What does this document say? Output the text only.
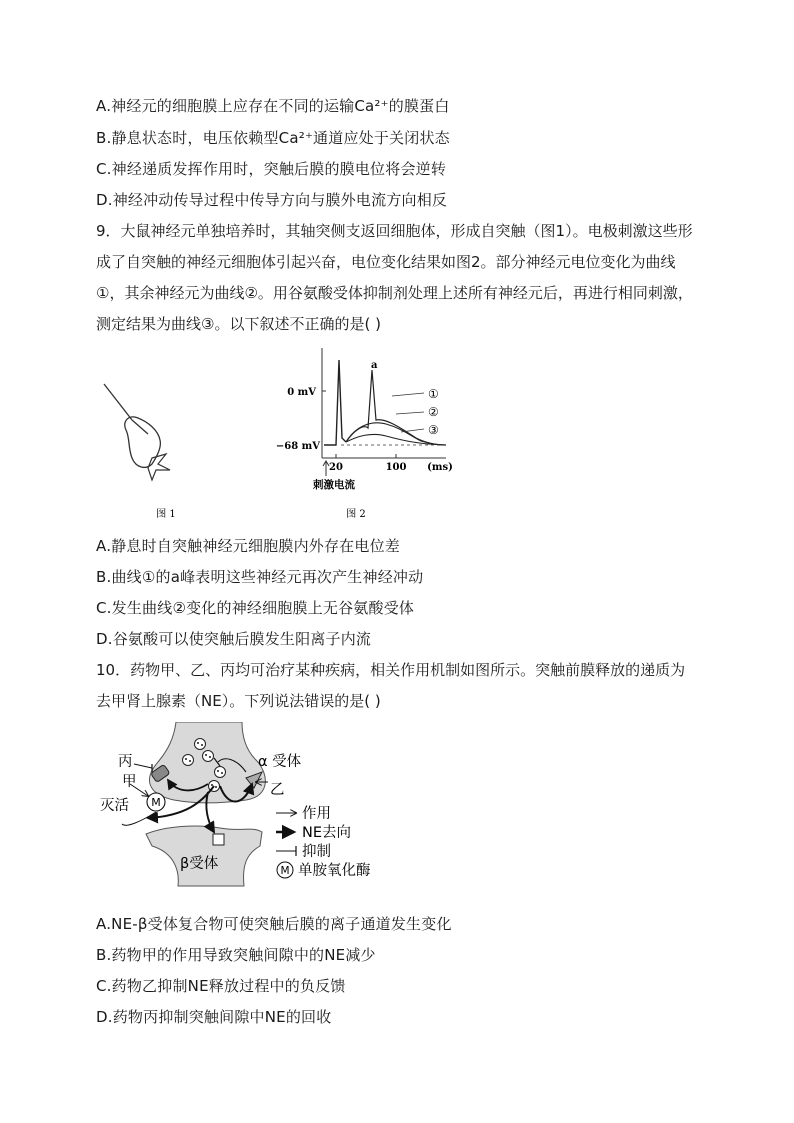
A.神经元的细胞膜上应存在不同的运输Ca²⁺的膜蛋白
B.静息状态时，电压依赖型Ca²⁺通道应处于关闭状态
C.神经递质发挥作用时，突触后膜的膜电位将会逆转
D.神经冲动传导过程中传导方向与膜外电流方向相反
9．大鼠神经元单独培养时，其轴突侧支返回细胞体，形成自突触（图1）。电极刺激这些形成了自突触的神经元细胞体引起兴奋，电位变化结果如图2。部分神经元电位变化为曲线①，其余神经元为曲线②。用谷氨酸受体抑制剂处理上述所有神经元后，再进行相同刺激，测定结果为曲线③。以下叙述不正确的是( )
图 1
0 mV
−68 mV
a
①
②
③
20	100 (ms)
刺激电流
图 2
A.静息时自突触神经元细胞膜内外存在电位差
B.曲线①的a峰表明这些神经元再次产生神经冲动
C.发生曲线②变化的神经细胞膜上无谷氨酸受体
D.谷氨酸可以使突触后膜发生阳离子内流
10．药物甲、乙、丙均可治疗某种疾病，相关作用机制如图所示。突触前膜释放的递质为去甲肾上腺素（NE）。下列说法错误的是( )
丙
甲
灭活 M
α 受体
乙
β受体	M
作用
NE去向
抑制
单胺氧化酶
A.NE-β受体复合物可使突触后膜的离子通道发生变化
B.药物甲的作用导致突触间隙中的NE减少
C.药物乙抑制NE释放过程中的负反馈
D.药物丙抑制突触间隙中NE的回收
